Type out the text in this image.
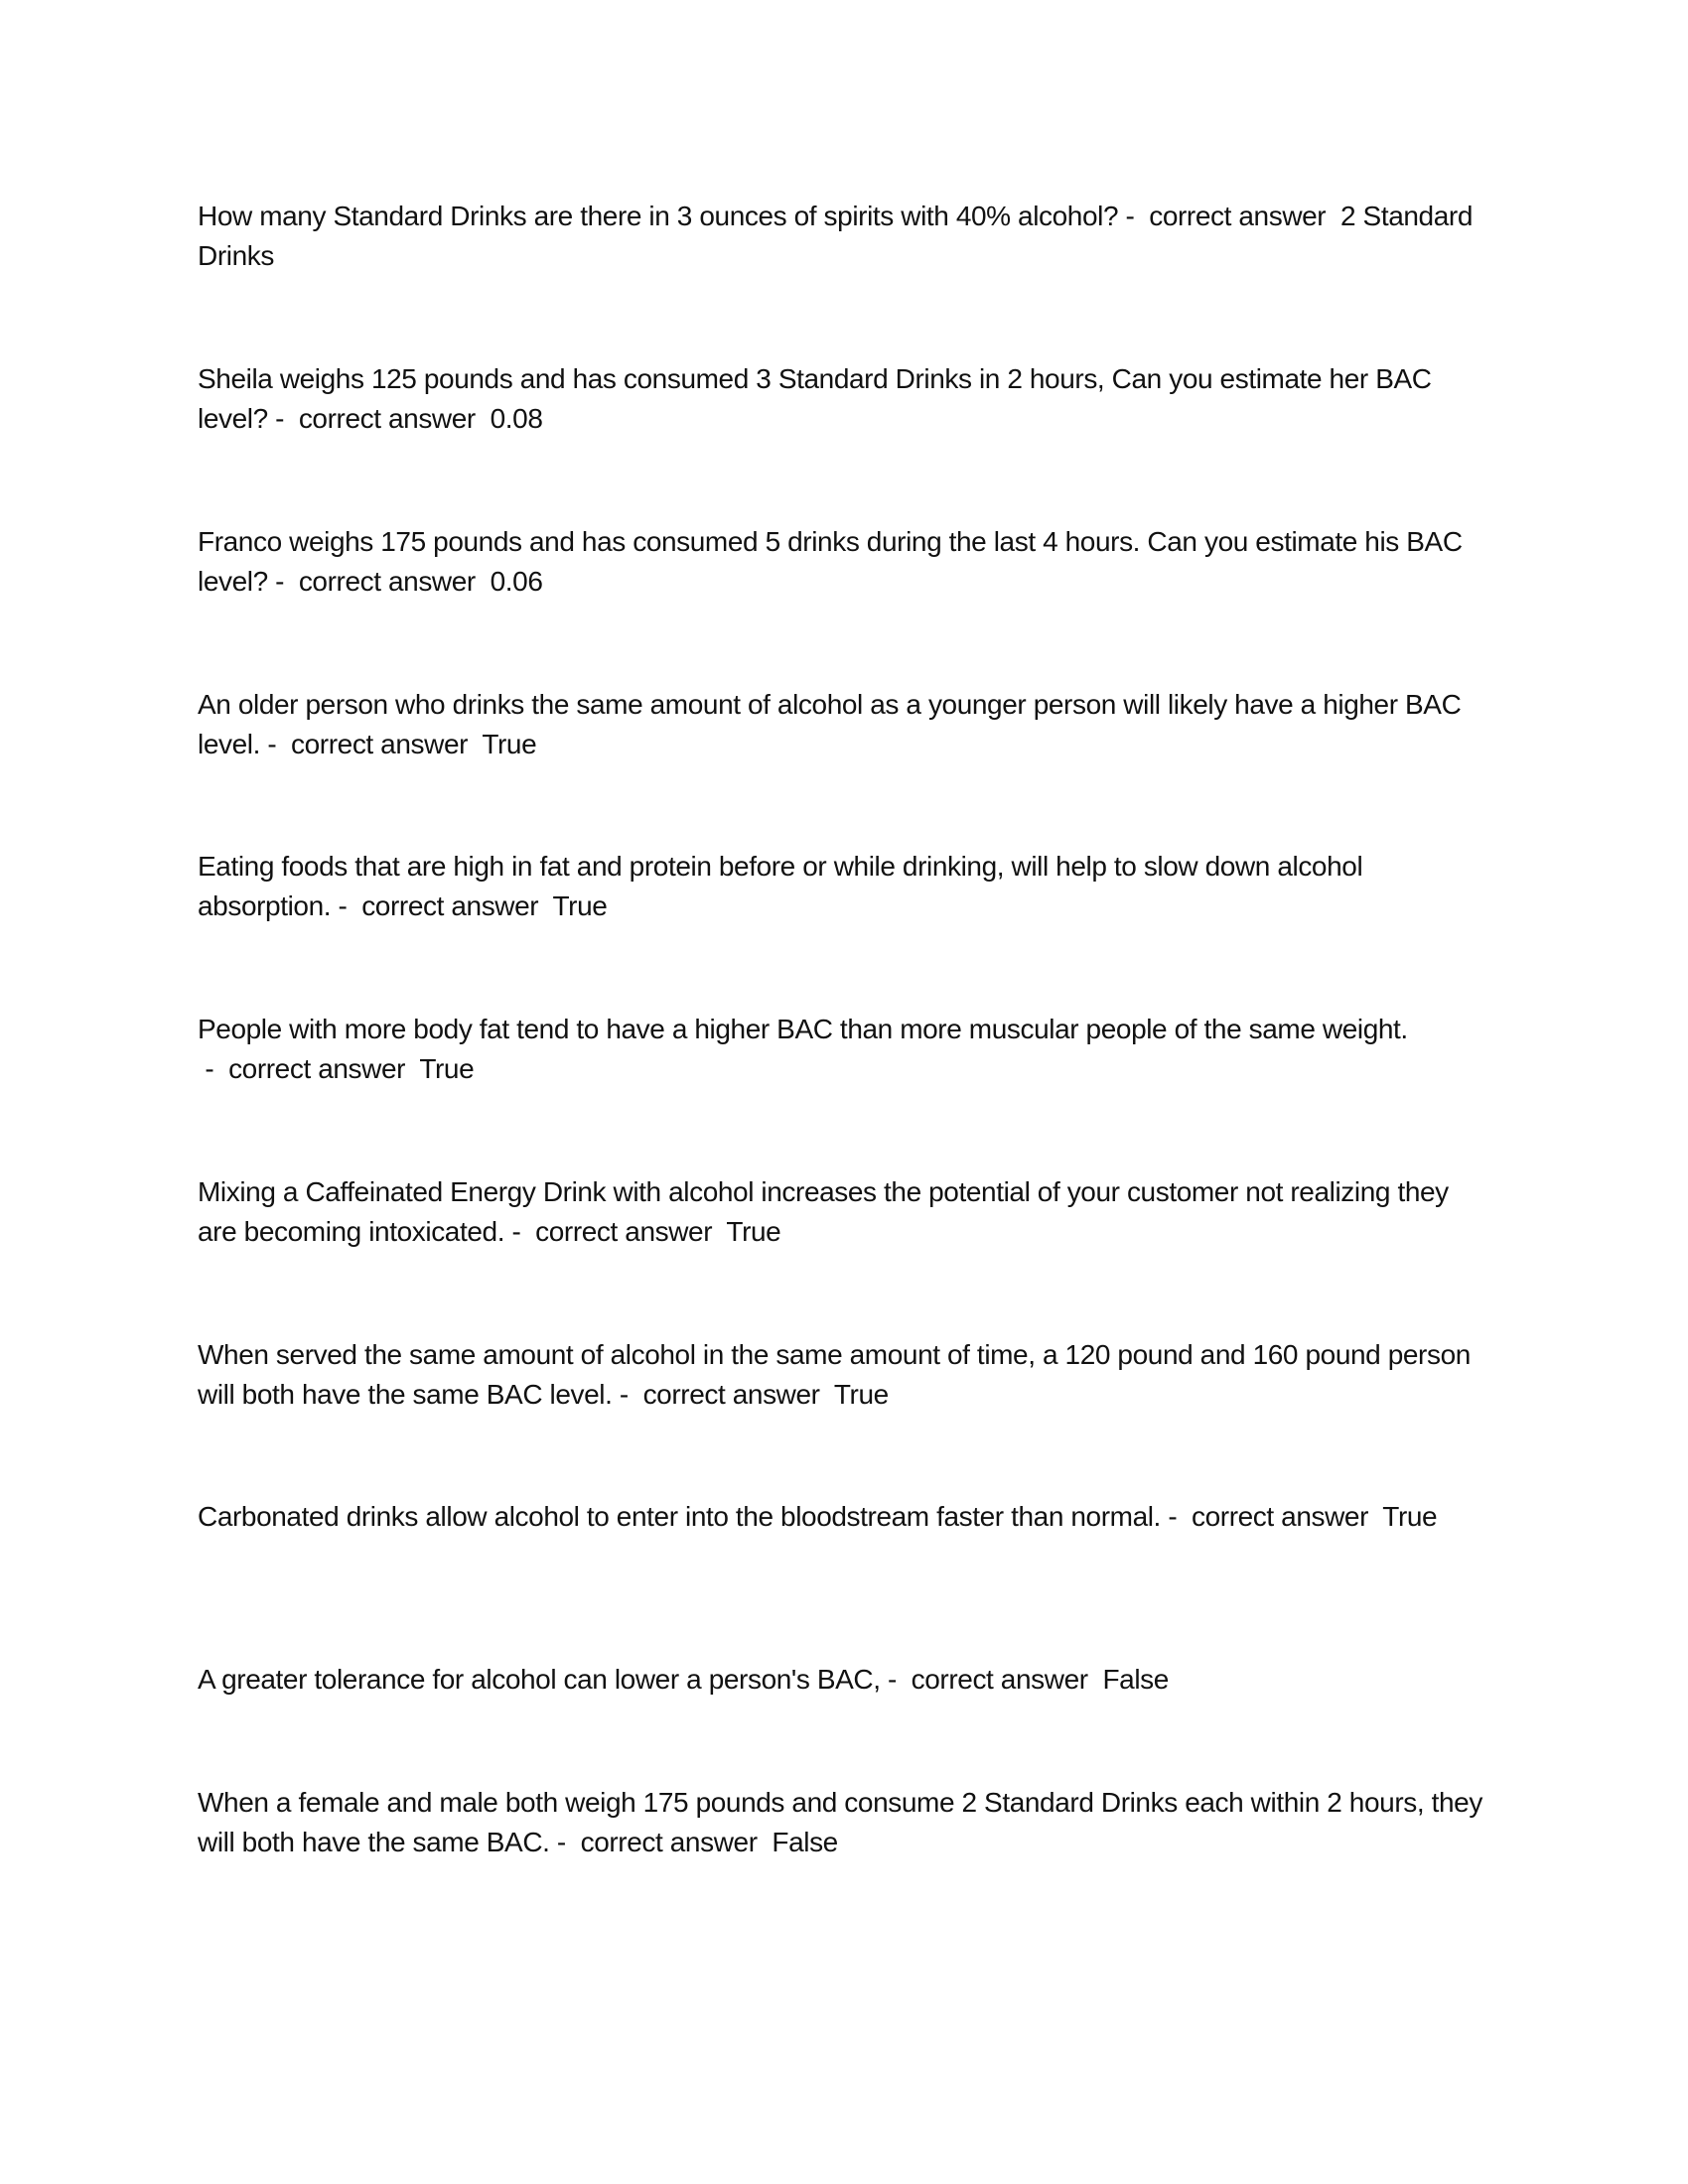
How many Standard Drinks are there in 3 ounces of spirits with 40% alcohol? -  correct answer 2 Standard Drinks

Sheila weighs 125 pounds and has consumed 3 Standard Drinks in 2 hours, Can you estimate her BAC level? -  correct answer 0.08

Franco weighs 175 pounds and has consumed 5 drinks during the last 4 hours. Can you estimate his BAC level? -  correct answer 0.06

An older person who drinks the same amount of alcohol as a younger person will likely have a higher BAC level. -  correct answer True

Eating foods that are high in fat and protein before or while drinking, will help to slow down alcohol absorption. -  correct answer True

People with more body fat tend to have a higher BAC than more muscular people of the same weight. -  correct answer True

Mixing a Caffeinated Energy Drink with alcohol increases the potential of your customer not realizing they are becoming intoxicated. -  correct answer True

When served the same amount of alcohol in the same amount of time, a 120 pound and 160 pound person will both have the same BAC level. -  correct answer True

Carbonated drinks allow alcohol to enter into the bloodstream faster than normal. -  correct answer True

A greater tolerance for alcohol can lower a person's BAC, -  correct answer False

When a female and male both weigh 175 pounds and consume 2 Standard Drinks each within 2 hours, they will both have the same BAC. -  correct answer False
